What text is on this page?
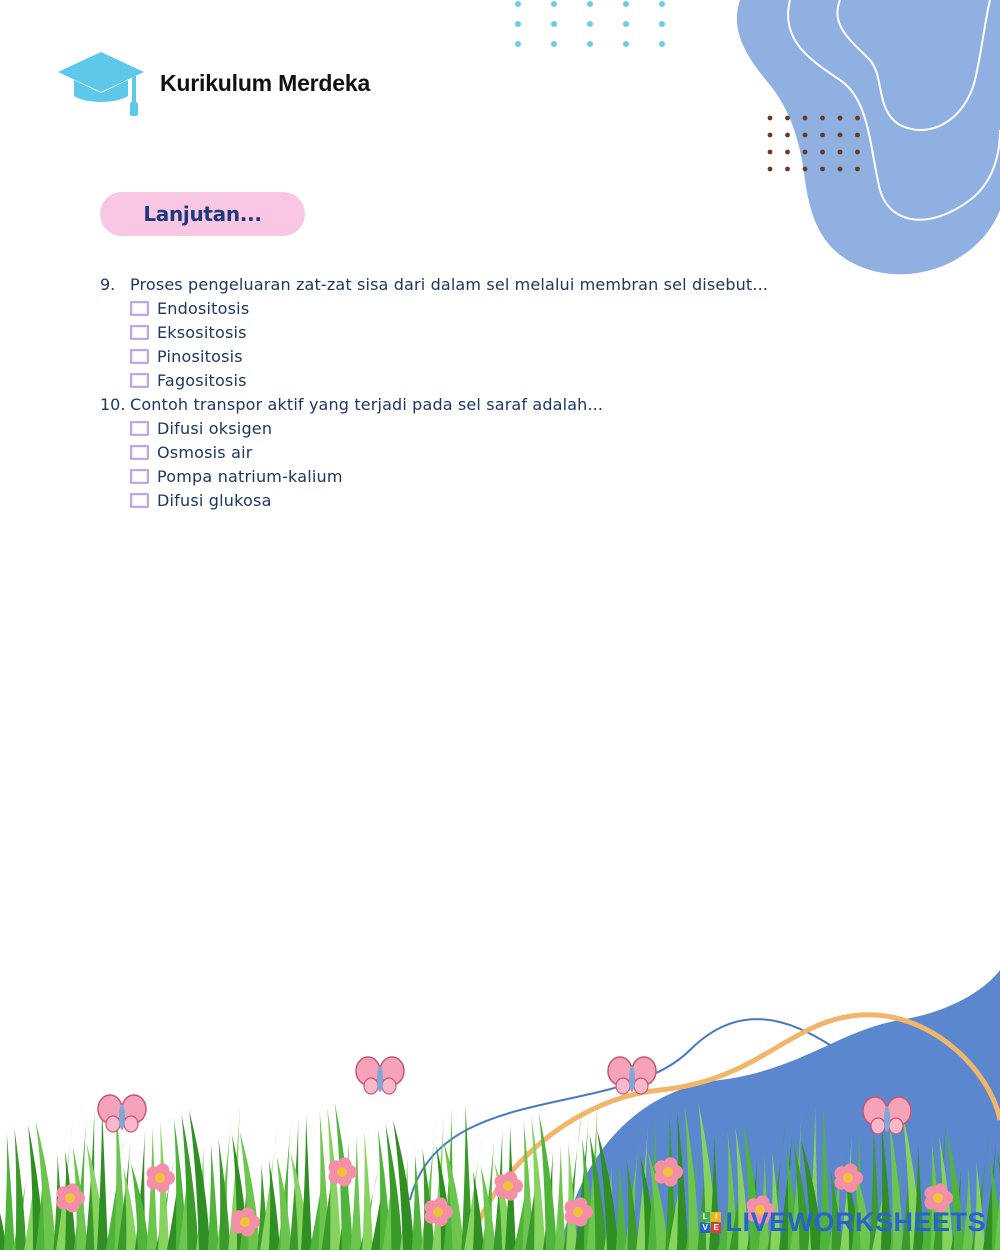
Kurikulum Merdeka
Lanjutan...
9. Proses pengeluaran zat-zat sisa dari dalam sel melalui membran sel disebut...
Endositosis
Eksositosis
Pinositosis
Fagositosis
10. Contoh transpor aktif yang terjadi pada sel saraf adalah...
Difusi oksigen
Osmosis air
Pompa natrium-kalium
Difusi glukosa
L I
V E LIVEWORKSHEETS
